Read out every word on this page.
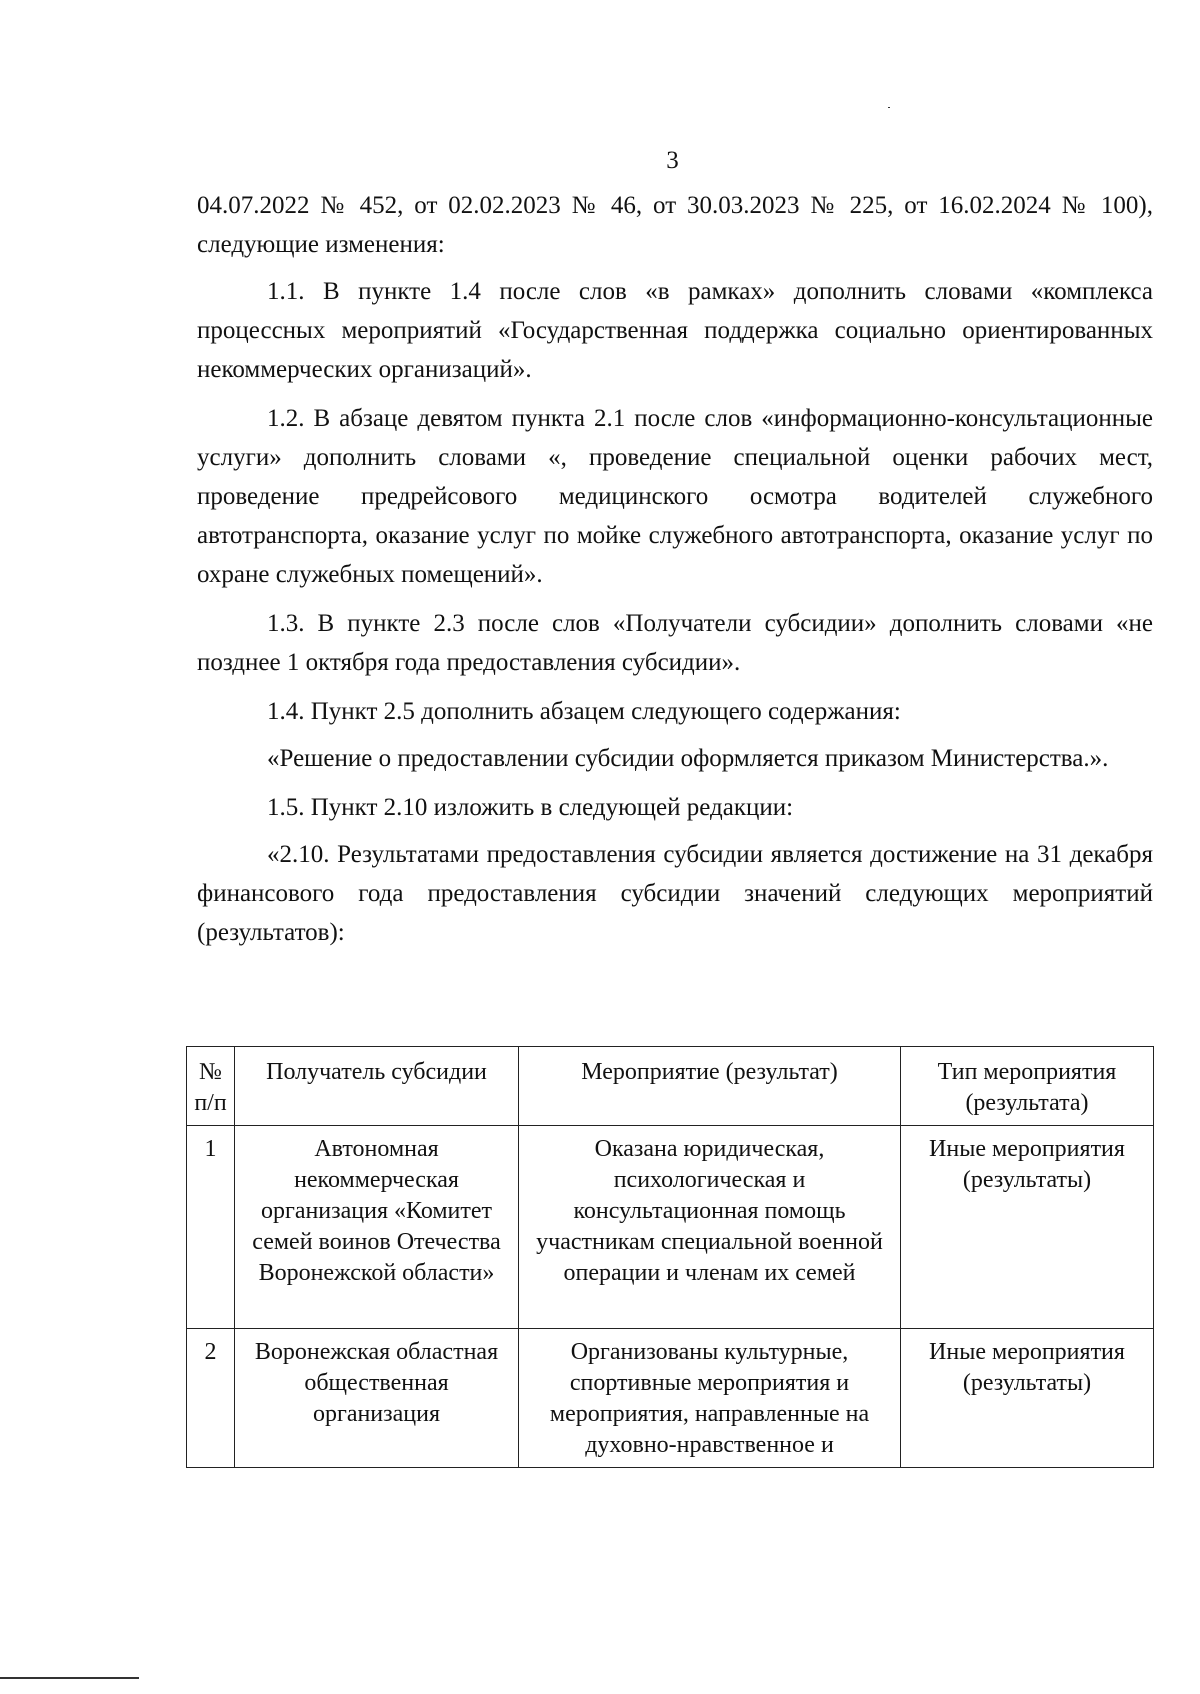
3

04.07.2022 № 452, от 02.02.2023 № 46, от 30.03.2023 № 225, от 16.02.2024 № 100), следующие изменения:

1.1. В пункте 1.4 после слов «в рамках» дополнить словами «комплекса процессных мероприятий «Государственная поддержка социально ориентированных некоммерческих организаций».

1.2. В абзаце девятом пункта 2.1 после слов «информационно-консультационные услуги» дополнить словами «, проведение специальной оценки рабочих мест, проведение предрейсового медицинского осмотра водителей служебного автотранспорта, оказание услуг по мойке служебного автотранспорта, оказание услуг по охране служебных помещений».

1.3. В пункте 2.3 после слов «Получатели субсидии» дополнить словами «не позднее 1 октября года предоставления субсидии».

1.4. Пункт 2.5 дополнить абзацем следующего содержания:

«Решение о предоставлении субсидии оформляется приказом Министерства.».

1.5. Пункт 2.10 изложить в следующей редакции:

«2.10. Результатами предоставления субсидии является достижение на 31 декабря финансового года предоставления субсидии значений следующих мероприятий (результатов):

№ п/п	Получатель субсидии	Мероприятие (результат)	Тип мероприятия (результата)
1	Автономная некоммерческая организация «Комитет семей воинов Отечества Воронежской области»	Оказана юридическая, психологическая и консультационная помощь участникам специальной военной операции и членам их семей	Иные мероприятия (результаты)
2	Воронежская областная общественная организация	Организованы культурные, спортивные мероприятия и мероприятия, направленные на духовно-нравственное и	Иные мероприятия (результаты)
